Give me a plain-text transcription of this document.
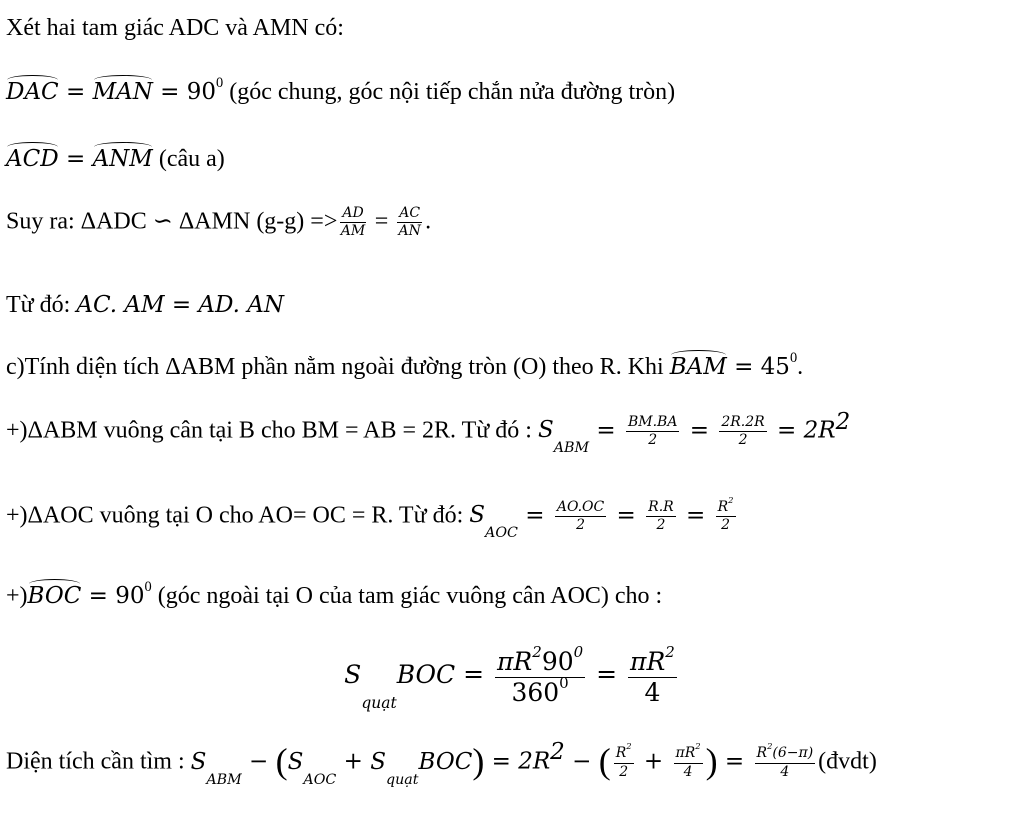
Xét hai tam giác ADC và AMN có:
DAC = MAN = $90^0$ (góc chung, góc nội tiếp chắn nửa đường tròn)
ACD = ANM (câu a)
Suy ra: ΔADC ∽ ΔAMN $(g-g) => \frac{AD}{AM} = \frac{AC}{AN}$ .
Từ đó: AC. AM = AD. AN
c)Tính diện tích ΔABM phần nằm ngoài đường tròn (O) theo R. Khi BAM = $45^0$.
+)ΔABM vuông cân tại B cho BM = AB = 2R. Từ đó : $S_{ABM} = \frac{BM.BA}{2} = \frac{2R.2R}{2} = 2R^2$
+)ΔAOC vuông tại O cho AO= OC = R. Từ đó: $S_{AOC} = \frac{AO.OC}{2} = \frac{R.R}{2} = \frac{R^2}{2}$
$+)BOC = 90^0$ (góc ngoài tại O của tam giác vuông cân AOC) cho :
$S_{quạt}BOC = \frac{\pi R^290^0}{360^0} = \frac{\pi R^2}{4}$
Diện tích cần tìm : $S_{ABM} - (S_{AOC} + S_{quạt}BOC) = 2R^2$ − ( $\frac{R^2}{2} + \frac{\pi R^2}{4}$ ) = $\frac{R^2(6-\pi)}{4}$ (đvdt)
